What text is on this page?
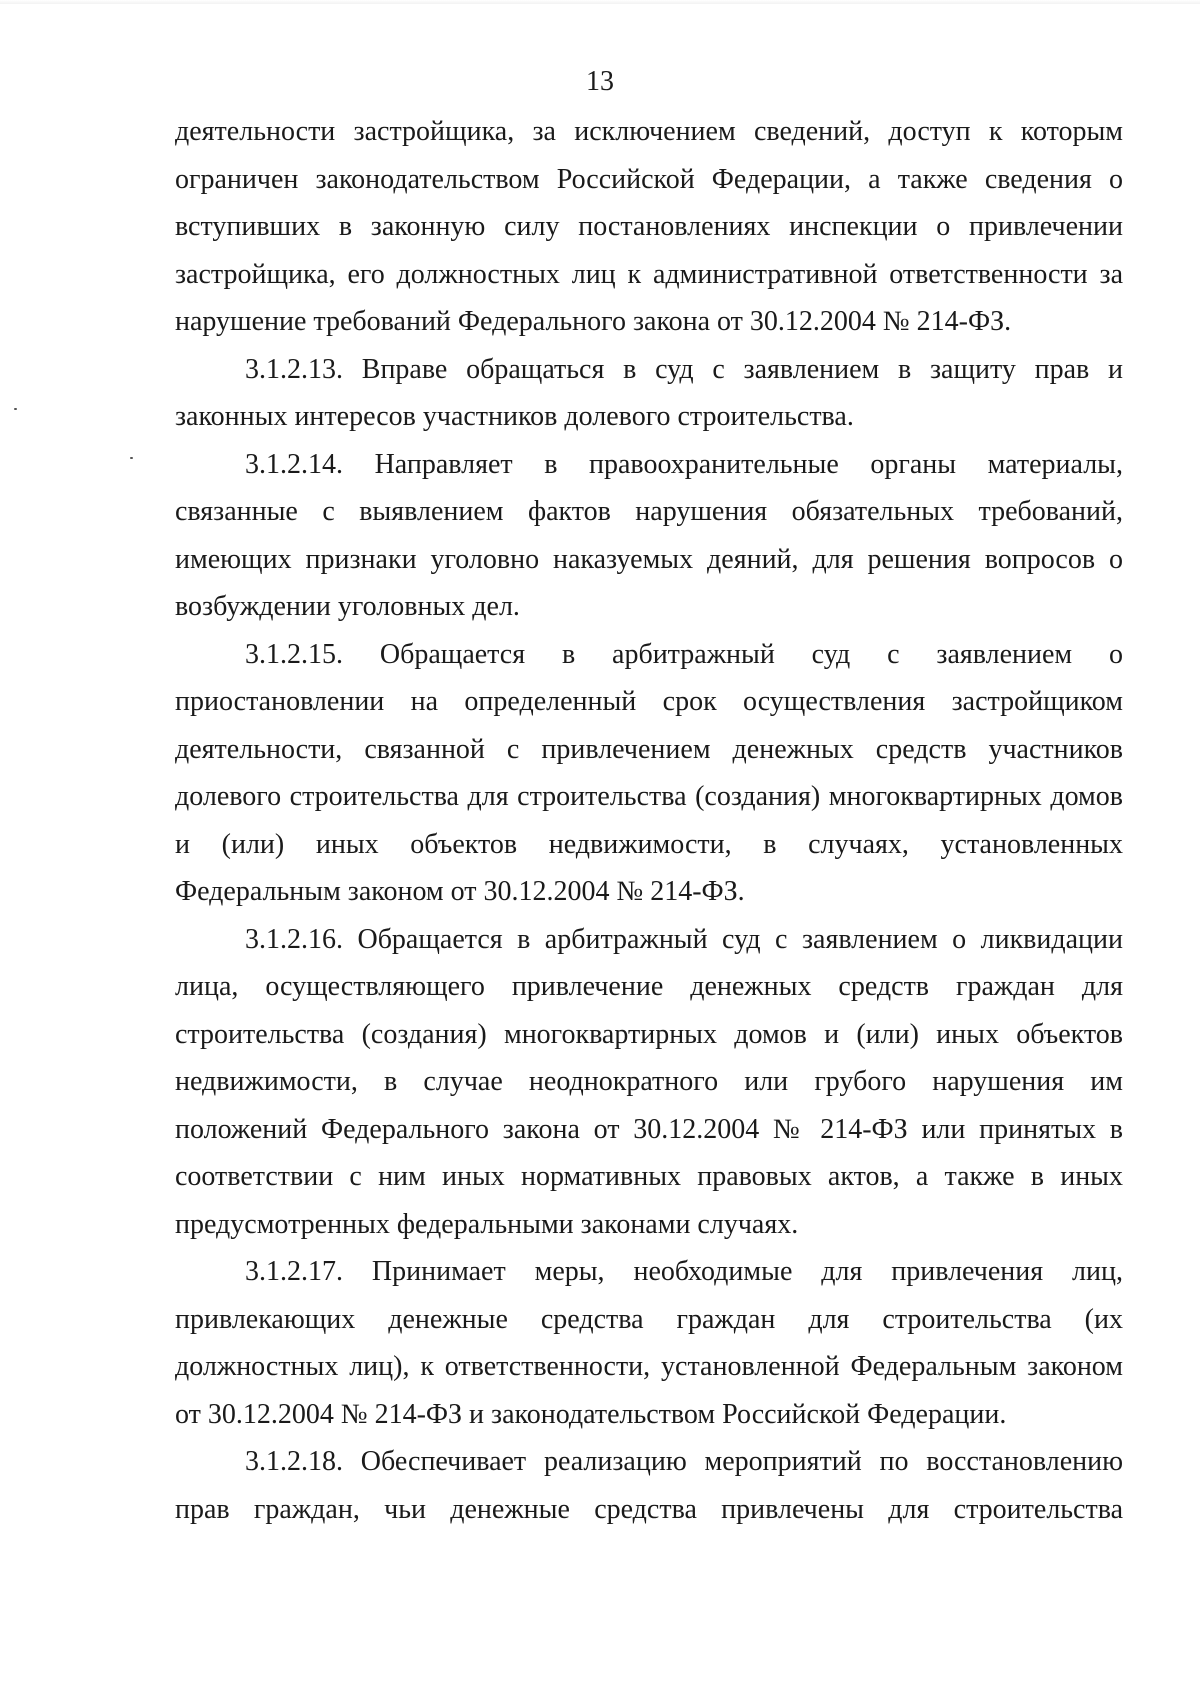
13

деятельности застройщика, за исключением сведений, доступ к которым ограничен законодательством Российской Федерации, а также сведения о вступивших в законную силу постановлениях инспекции о привлечении застройщика, его должностных лиц к административной ответственности за нарушение требований Федерального закона от 30.12.2004 № 214-ФЗ.

3.1.2.13. Вправе обращаться в суд с заявлением в защиту прав и законных интересов участников долевого строительства.

3.1.2.14. Направляет в правоохранительные органы материалы, связанные с выявлением фактов нарушения обязательных требований, имеющих признаки уголовно наказуемых деяний, для решения вопросов о возбуждении уголовных дел.

3.1.2.15. Обращается в арбитражный суд с заявлением о приостановлении на определенный срок осуществления застройщиком деятельности, связанной с привлечением денежных средств участников долевого строительства для строительства (создания) многоквартирных домов и (или) иных объектов недвижимости, в случаях, установленных Федеральным законом от 30.12.2004 № 214-ФЗ.

3.1.2.16. Обращается в арбитражный суд с заявлением о ликвидации лица, осуществляющего привлечение денежных средств граждан для строительства (создания) многоквартирных домов и (или) иных объектов недвижимости, в случае неоднократного или грубого нарушения им положений Федерального закона от 30.12.2004 № 214-ФЗ или принятых в соответствии с ним иных нормативных правовых актов, а также в иных предусмотренных федеральными законами случаях.

3.1.2.17. Принимает меры, необходимые для привлечения лиц, привлекающих денежные средства граждан для строительства (их должностных лиц), к ответственности, установленной Федеральным законом от 30.12.2004 № 214-ФЗ и законодательством Российской Федерации.

3.1.2.18. Обеспечивает реализацию мероприятий по восстановлению прав граждан, чьи денежные средства привлечены для строительства
